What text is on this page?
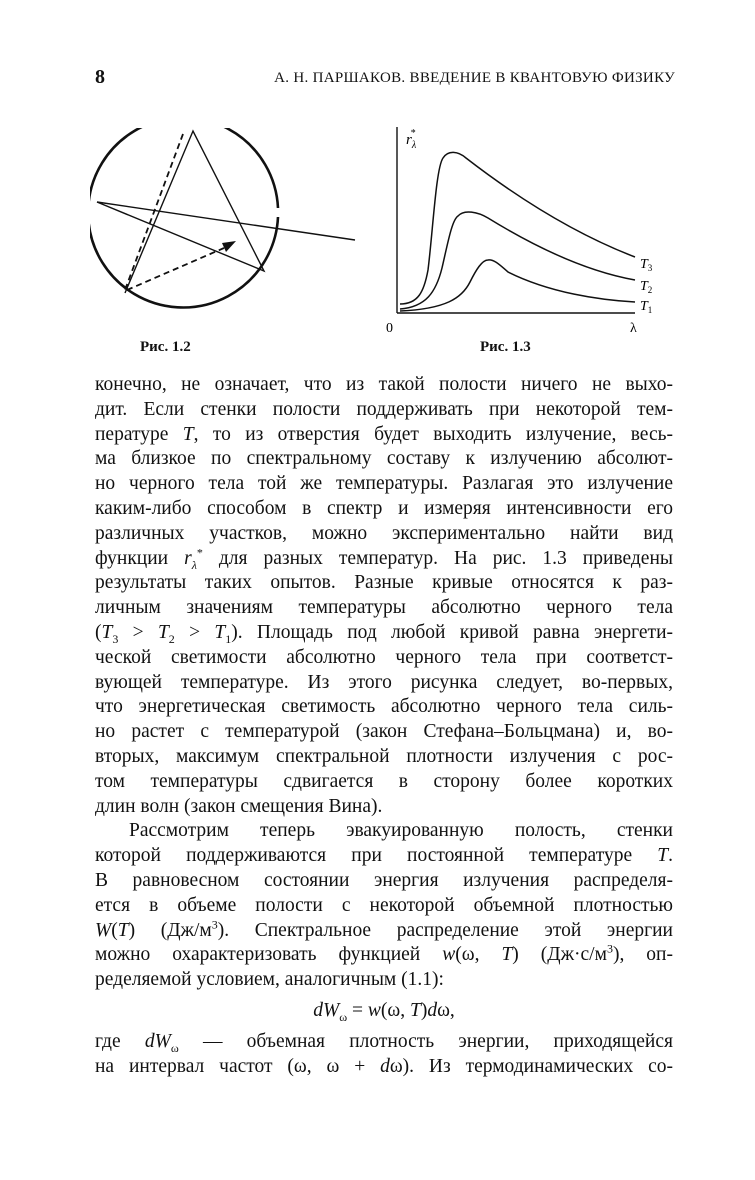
8	А. Н. ПАРШАКОВ. ВВЕДЕНИЕ В КВАНТОВУЮ ФИЗИКУ
$r_\lambda*$
0	λ
$T_3$
$T_2$
$T_1$
Рис. 1.2	Рис. 1.3
конечно, не означает, что из такой полости ничего не выхо-
дит. Если стенки полости поддерживать при некоторой тем-
пературе T, то из отверстия будет выходить излучение, весь-
ма близкое по спектральному составу к излучению абсолют-
но черного тела той же температуры. Разлагая это излучение
каким-либо способом в спектр и измеряя интенсивности его
различных участков, можно экспериментально найти вид
функции $r_\lambda^*$ для разных температур. На рис. 1.3 приведены
результаты таких опытов. Разные кривые относятся к раз-
личным значениям температуры абсолютно черного тела
$(T_3 > T_2 > T_1)$. Площадь под любой кривой равна энергети-
ческой светимости абсолютно черного тела при соответст-
вующей температуре. Из этого рисунка следует, во-первых,
что энергетическая светимость абсолютно черного тела силь-
но растет с температурой (закон Стефана–Больцмана) и, во-
вторых, максимум спектральной плотности излучения с рос-
том температуры сдвигается в сторону более коротких
длин волн (закон смещения Вина).
Рассмотрим теперь эвакуированную полость, стенки
которой поддерживаются при постоянной температуре T.
В равновесном состоянии энергия излучения распределя-
ется в объеме полости с некоторой объемной плотностью
W(T) $(Дж/м^3)$. Спектральное распределение этой энергии
можно охарактеризовать функцией w(ω, T) $(Дж\cdot с/м^3)$, оп-
ределяемой условием, аналогичным (1.1):
$dW_\omega = w(\omega$, T)dω,
где $dW_\omega$ — объемная плотность энергии, приходящейся
на интервал частот (ω, ω + dω). Из термодинамических со-
